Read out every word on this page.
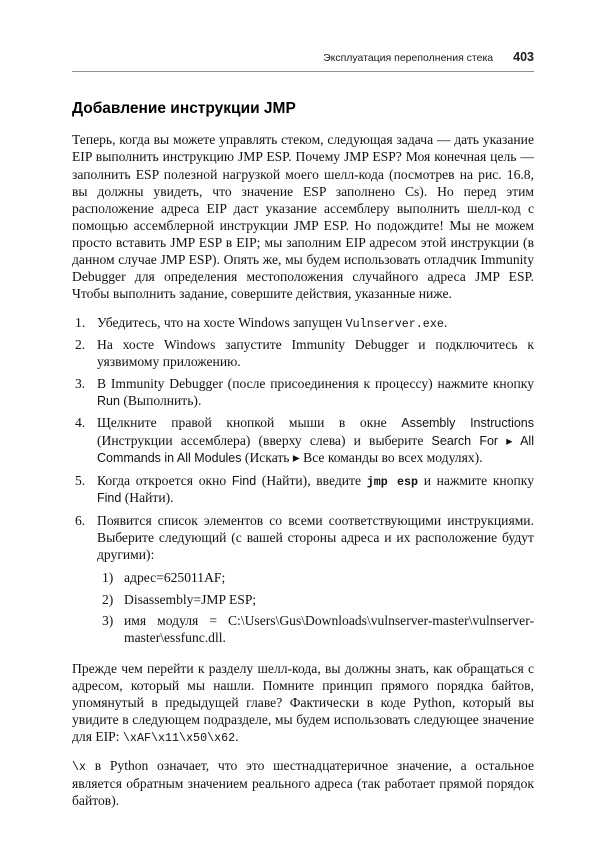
Эксплуатация переполнения стека 403
Добавление инструкции JMP

Теперь, когда вы можете управлять стеком, следующая задача — дать указание EIP выполнить инструкцию JMP ESP. Почему JMP ESP? Моя конечная цель — заполнить ESP полезной нагрузкой моего шелл-кода (посмотрев на рис. 16.8, вы должны увидеть, что значение ESP заполнено Cs). Но перед этим расположение адреса EIP даст указание ассемблеру выполнить шелл-код с помощью ассемблерной инструкции JMP ESP. Но подождите! Мы не можем просто вставить JMP ESP в EIP; мы заполним EIP адресом этой инструкции (в данном случае JMP ESP). Опять же, мы будем использовать отладчик Immunity Debugger для определения местоположения случайного адреса JMP ESP. Чтобы выполнить задание, совершите действия, указанные ниже.

1. Убедитесь, что на хосте Windows запущен Vulnserver.exe.
2. На хосте Windows запустите Immunity Debugger и подключитесь к уязвимому приложению.
3. В Immunity Debugger (после присоединения к процессу) нажмите кнопку Run (Выполнить).
4. Щелкните правой кнопкой мыши в окне Assembly Instructions (Инструкции ассемблера) (вверху слева) и выберите Search For ▸ All Commands in All Modules (Искать ▸ Все команды во всех модулях).
5. Когда откроется окно Find (Найти), введите jmp esp и нажмите кнопку Find (Найти).
6. Появится список элементов со всеми соответствующими инструкциями. Выберите следующий (с вашей стороны адреса и их расположение будут другими):
1) адрес=625011AF;
2) Disassembly=JMP ESP;
3) имя модуля = C:\Users\Gus\Downloads\vulnserver-master\vulnserver-master\essfunc.dll.

Прежде чем перейти к разделу шелл-кода, вы должны знать, как обращаться с адресом, который мы нашли. Помните принцип прямого порядка байтов, упомянутый в предыдущей главе? Фактически в коде Python, который вы увидите в следующем подразделе, мы будем использовать следующее значение для EIP: \xAF\x11\x50\x62.

\x в Python означает, что это шестнадцатеричное значение, а остальное является обратным значением реального адреса (так работает прямой порядок байтов).
